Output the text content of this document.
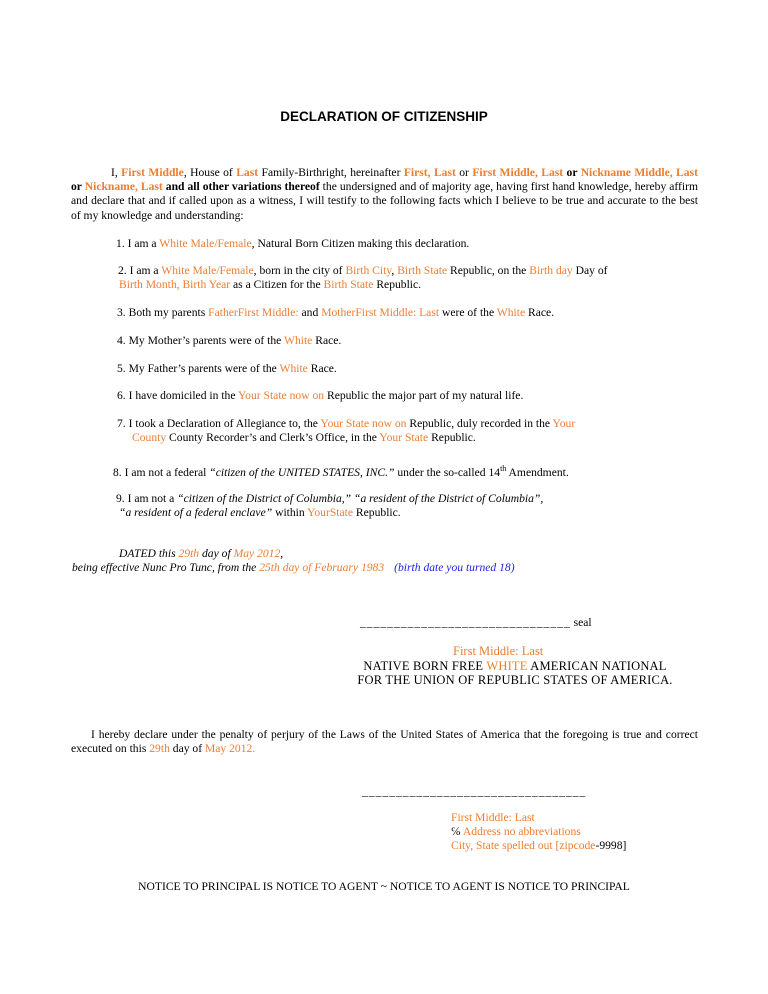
DECLARATION OF CITIZENSHIP
I, First Middle, House of Last Family-Birthright, hereinafter First, Last or First Middle, Last or Nickname Middle, Last or Nickname, Last and all other variations thereof the undersigned and of majority age, having first hand knowledge, hereby affirm and declare that and if called upon as a witness, I will testify to the following facts which I believe to be true and accurate to the best of my knowledge and understanding:
1. I am a White Male/Female, Natural Born Citizen making this declaration.
2. I am a White Male/Female, born in the city of Birth City, Birth State Republic, on the Birth day Day of
Birth Month, Birth Year as a Citizen for the Birth State Republic.
3. Both my parents FatherFirst Middle: and MotherFirst Middle: Last were of the White Race.
4. My Mother’s parents were of the White Race.
5. My Father’s parents were of the White Race.
6. I have domiciled in the Your State now on Republic the major part of my natural life.
7. I took a Declaration of Allegiance to, the Your State now on Republic, duly recorded in the Your
County County Recorder’s and Clerk’s Office, in the Your State Republic.
8. I am not a federal “citizen of the UNITED STATES, INC.” under the so-called 14th Amendment.
9. I am not a “citizen of the District of Columbia,” “a resident of the District of Columbia”,
“a resident of a federal enclave” within YourState Republic.
DATED this 29th day of May 2012,
being effective Nunc Pro Tunc, from the 25th day of February 1983 (birth date you turned 18)
_______________________________ seal
First Middle: Last
NATIVE BORN FREE WHITE AMERICAN NATIONAL
FOR THE UNION OF REPUBLIC STATES OF AMERICA.
I hereby declare under the penalty of perjury of the Laws of the United States of America that the foregoing is true and correct executed on this 29th day of May 2012.
_________________________________
First Middle: Last
℅ Address no abbreviations
City, State spelled out [zipcode-9998]
NOTICE TO PRINCIPAL IS NOTICE TO AGENT ~ NOTICE TO AGENT IS NOTICE TO PRINCIPAL
